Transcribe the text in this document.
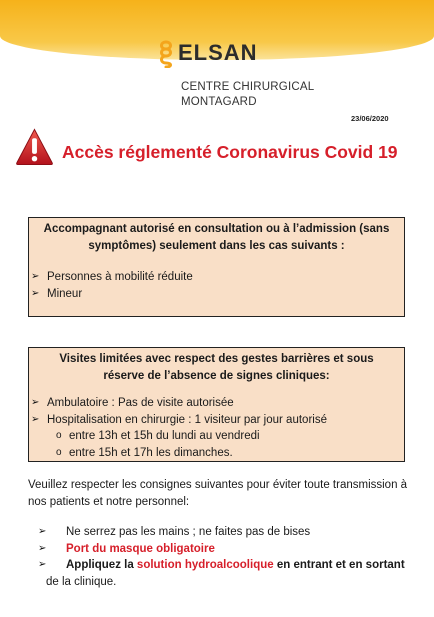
ELSAN
CENTRE CHIRURGICAL
MONTAGARD
23/06/2020
Accès réglementé Coronavirus Covid 19
Accompagnant autorisé en consultation ou à l’admission (sans symptômes) seulement dans les cas suivants :
➢ Personnes à mobilité réduite
➢ Mineur
Visites limitées avec respect des gestes barrières et sous réserve de l’absence de signes cliniques:
➢ Ambulatoire : Pas de visite autorisée
➢ Hospitalisation en chirurgie : 1 visiteur par jour autorisé
o entre 13h et 15h du lundi au vendredi
o entre 15h et 17h les dimanches.
Veuillez respecter les consignes suivantes pour éviter toute transmission à nos patients et notre personnel:
➢ Ne serrez pas les mains ; ne faites pas de bises
➢ Port du masque obligatoire
➢ Appliquez la solution hydroalcoolique en entrant et en sortant
de la clinique.
